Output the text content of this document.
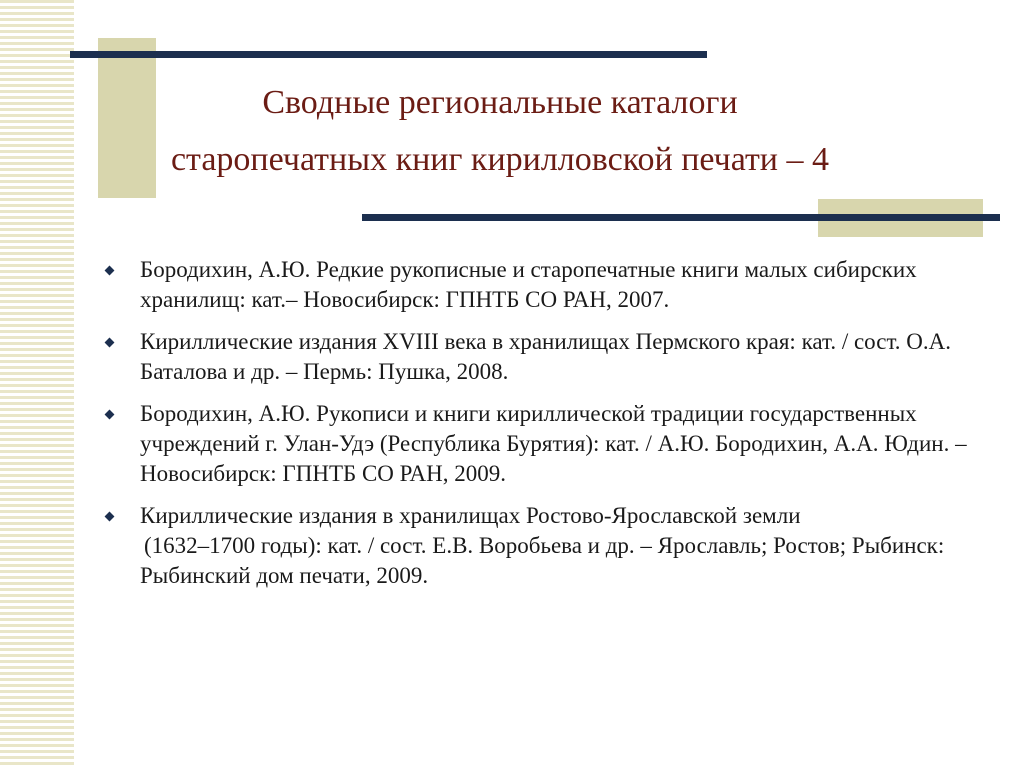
Сводные региональные каталоги
старопечатных книг кирилловской печати – 4
Бородихин, А.Ю. Редкие рукописные и старопечатные книги малых сибирских хранилищ: кат.– Новосибирск: ГПНТБ СО РАН, 2007.
Кириллические издания XVIII века в хранилищах Пермского края: кат. / сост. О.А. Баталова и др. – Пермь: Пушка, 2008.
Бородихин, А.Ю. Рукописи и книги кириллической традиции государственных учреждений г. Улан-Удэ (Республика Бурятия): кат. / А.Ю. Бородихин, А.А. Юдин. – Новосибирск: ГПНТБ СО РАН, 2009.
Кириллические издания в хранилищах Ростово-Ярославской земли
(1632–1700 годы): кат. / сост. Е.В. Воробьева и др. – Ярославль; Ростов; Рыбинск: Рыбинский дом печати, 2009.
